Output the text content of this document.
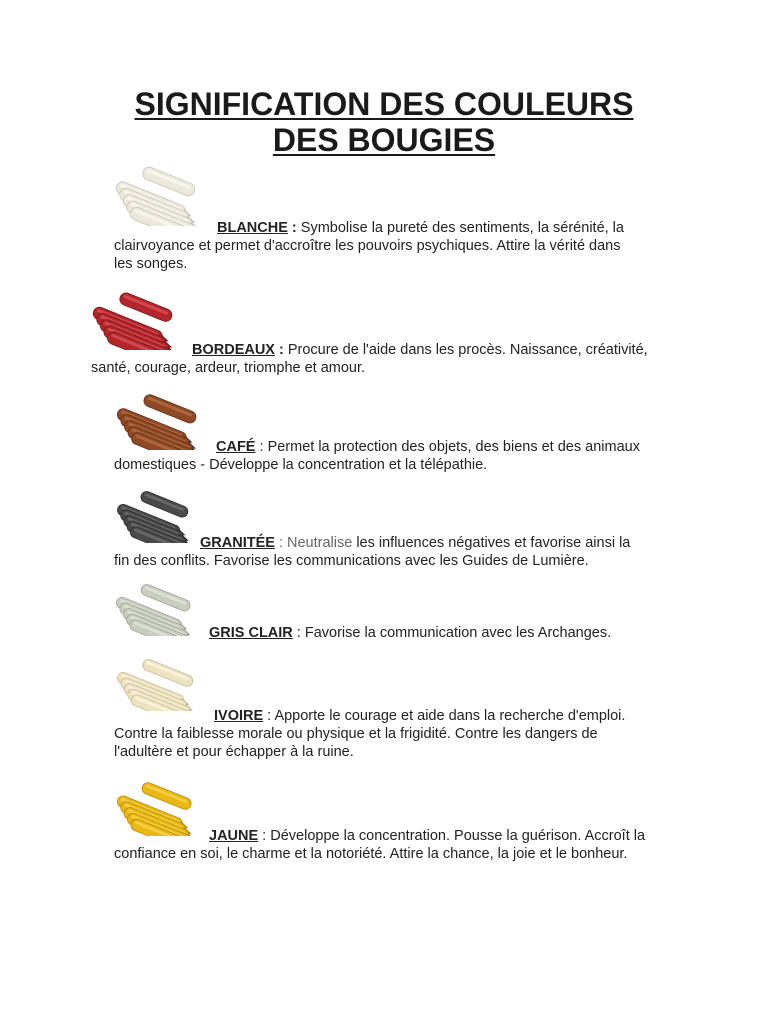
SIGNIFICATION DES COULEURS
DES BOUGIES
BLANCHE : Symbolise la pureté des sentiments, la sérénité, la
clairvoyance et permet d'accroître les pouvoirs psychiques. Attire la vérité dans
les songes.
BORDEAUX : Procure de l'aide dans les procès. Naissance, créativité,
santé, courage, ardeur, triomphe et amour.
CAFÉ : Permet la protection des objets, des biens et des animaux
domestiques - Développe la concentration et la télépathie.
GRANITÉE : Neutralise les influences négatives et favorise ainsi la
fin des conflits. Favorise les communications avec les Guides de Lumière.
GRIS CLAIR : Favorise la communication avec les Archanges.
IVOIRE : Apporte le courage et aide dans la recherche d'emploi.
Contre la faiblesse morale ou physique et la frigidité. Contre les dangers de
l'adultère et pour échapper à la ruine.
JAUNE : Développe la concentration. Pousse la guérison. Accroît la
confiance en soi, le charme et la notoriété. Attire la chance, la joie et le bonheur.
